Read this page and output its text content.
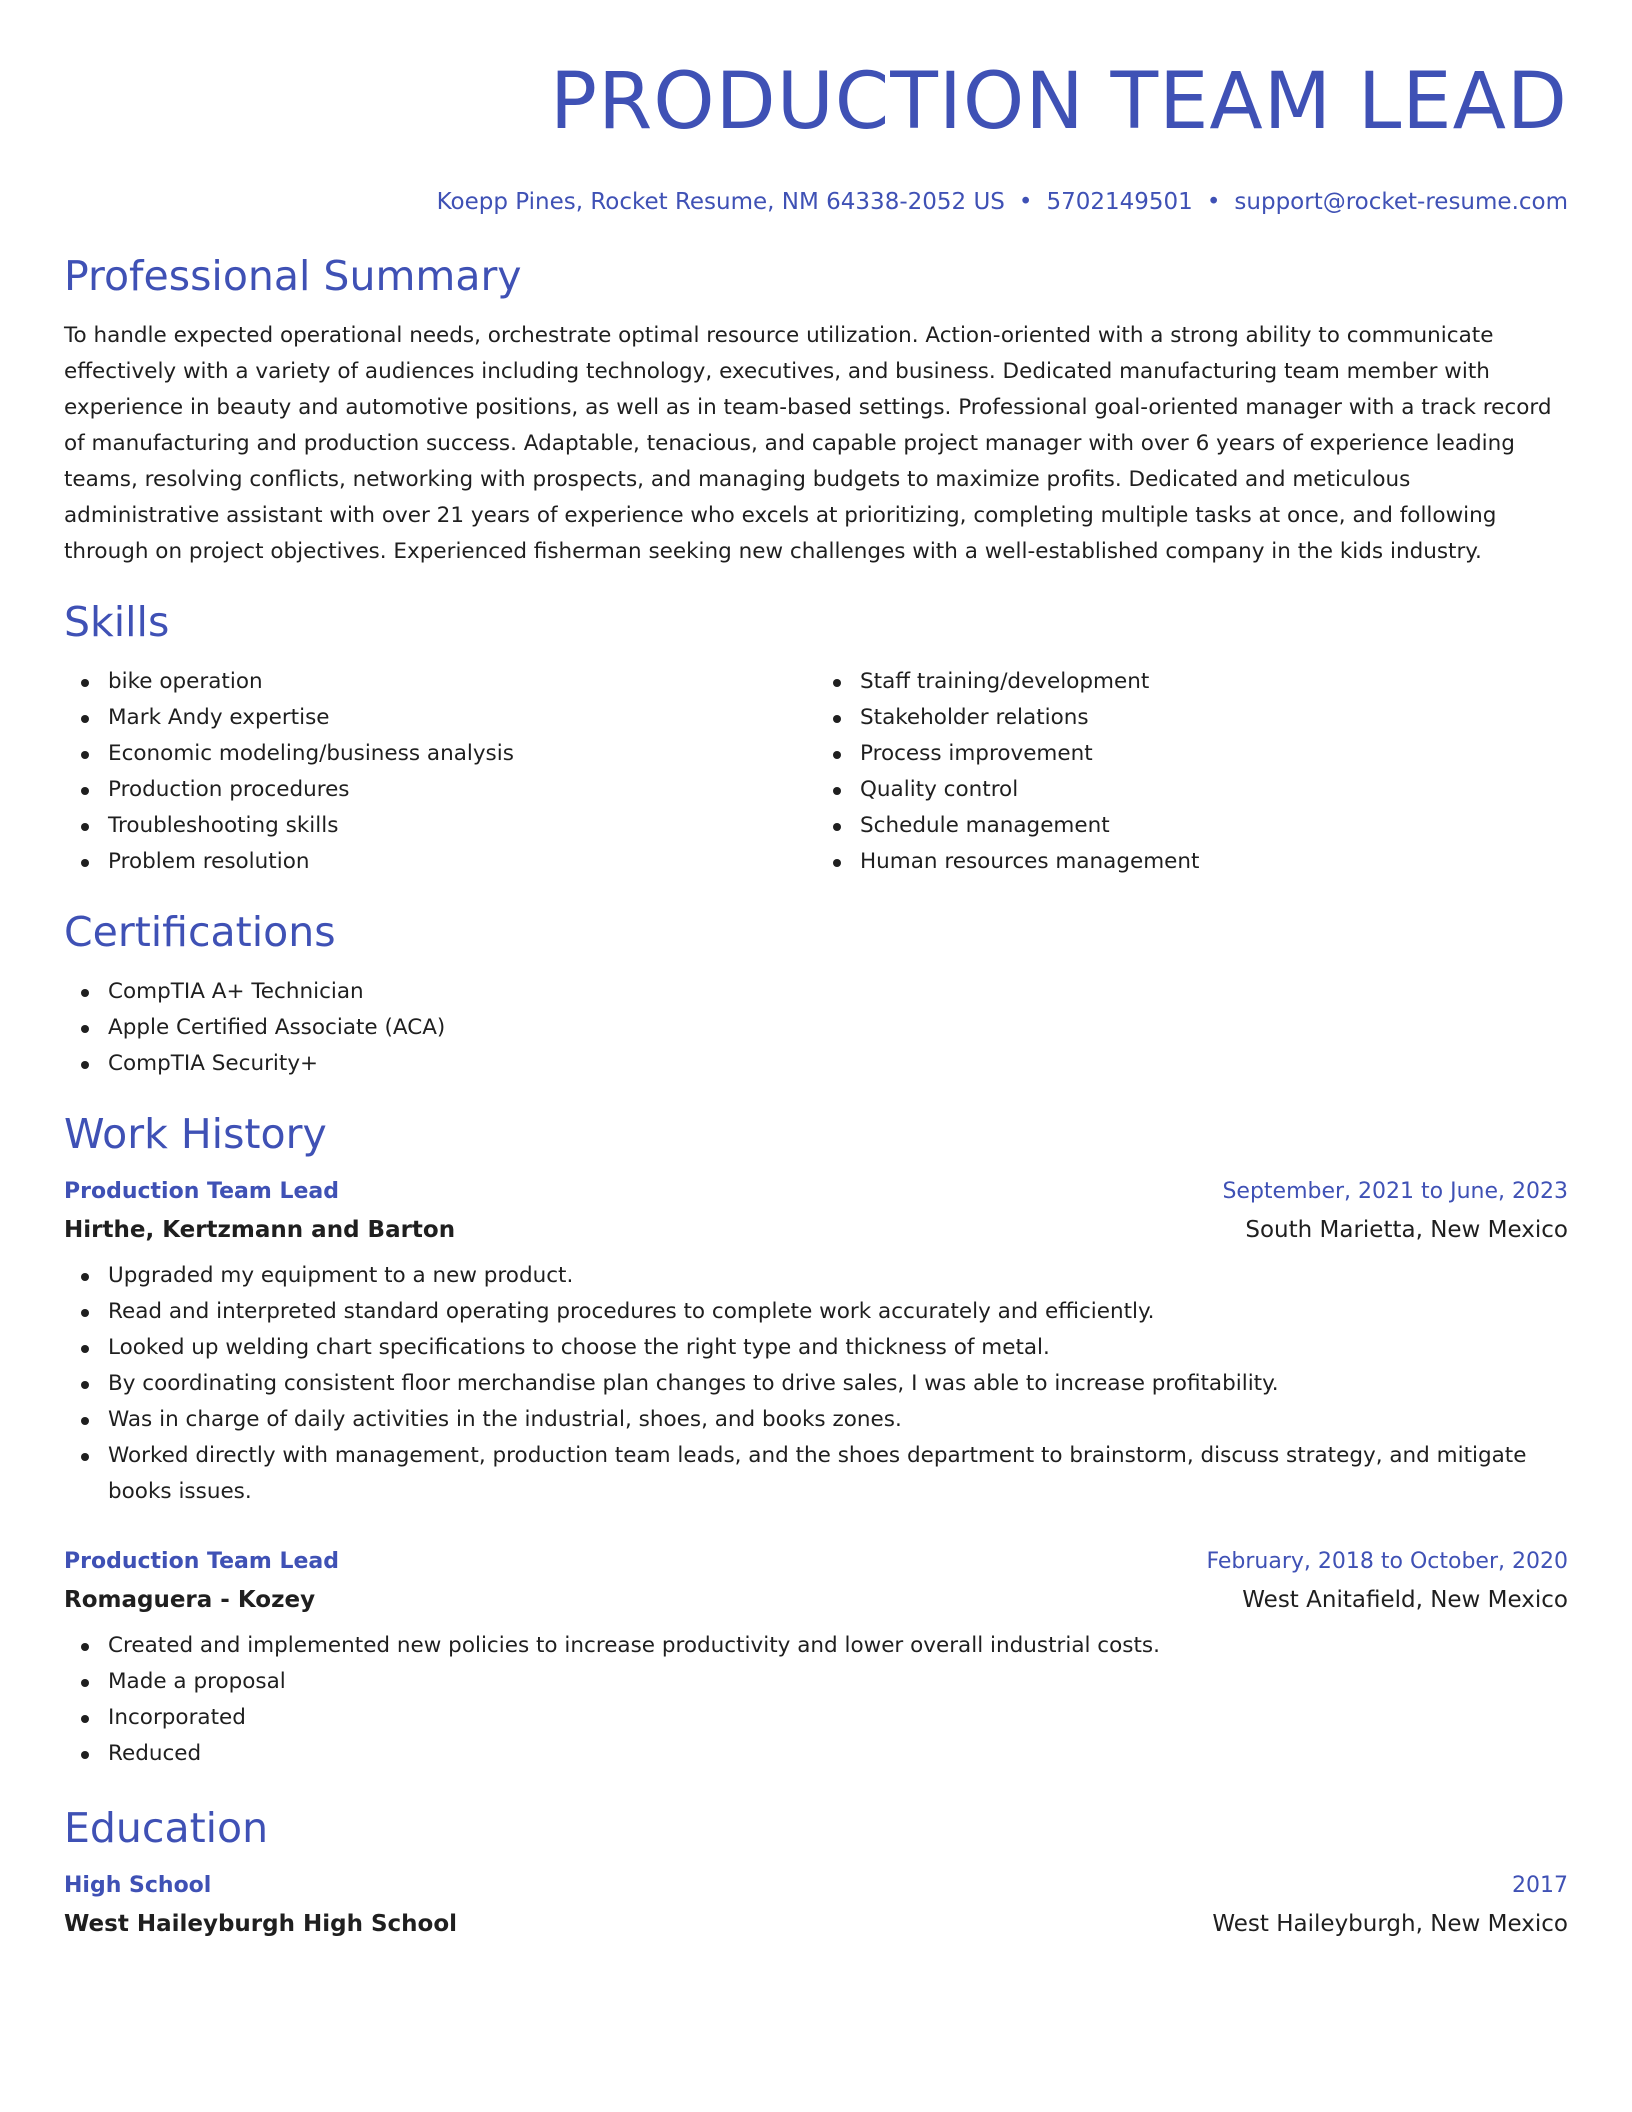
PRODUCTION TEAM LEAD
Koepp Pines, Rocket Resume, NM 64338-2052 US • 5702149501 • support@rocket-resume.com
Professional Summary
To handle expected operational needs, orchestrate optimal resource utilization. Action-oriented with a strong ability to communicate effectively with a variety of audiences including technology, executives, and business. Dedicated manufacturing team member with experience in beauty and automotive positions, as well as in team-based settings. Professional goal-oriented manager with a track record of manufacturing and production success. Adaptable, tenacious, and capable project manager with over 6 years of experience leading teams, resolving conflicts, networking with prospects, and managing budgets to maximize profits. Dedicated and meticulous administrative assistant with over 21 years of experience who excels at prioritizing, completing multiple tasks at once, and following through on project objectives. Experienced fisherman seeking new challenges with a well-established company in the kids industry.
Skills
bike operation
Mark Andy expertise
Economic modeling/business analysis
Production procedures
Troubleshooting skills
Problem resolution
Staff training/development
Stakeholder relations
Process improvement
Quality control
Schedule management
Human resources management
Certifications
CompTIA A+ Technician
Apple Certified Associate (ACA)
CompTIA Security+
Work History
Production Team Lead	September, 2021 to June, 2023
Hirthe, Kertzmann and Barton	South Marietta, New Mexico
Upgraded my equipment to a new product.
Read and interpreted standard operating procedures to complete work accurately and efficiently.
Looked up welding chart specifications to choose the right type and thickness of metal.
By coordinating consistent floor merchandise plan changes to drive sales, I was able to increase profitability.
Was in charge of daily activities in the industrial, shoes, and books zones.
Worked directly with management, production team leads, and the shoes department to brainstorm, discuss strategy, and mitigate books issues.
Production Team Lead	February, 2018 to October, 2020
Romaguera - Kozey	West Anitafield, New Mexico
Created and implemented new policies to increase productivity and lower overall industrial costs.
Made a proposal
Incorporated
Reduced
Education
High School	2017
West Haileyburgh High School	West Haileyburgh, New Mexico
